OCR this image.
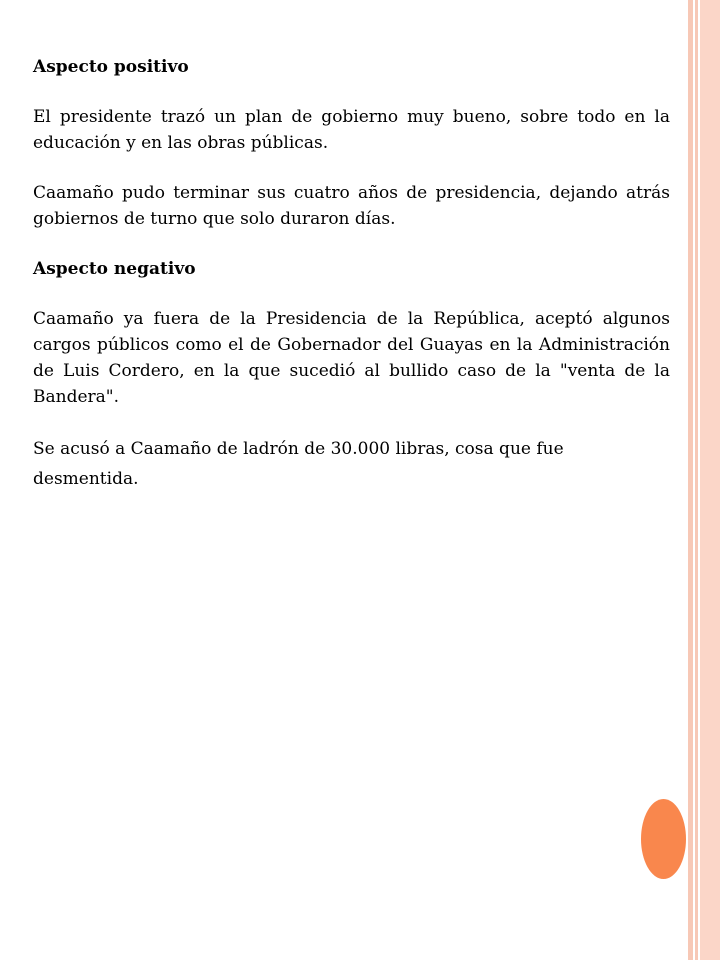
Aspecto positivo

El presidente trazó un plan de gobierno muy bueno, sobre todo en la educación y en las obras públicas.

Caamaño pudo terminar sus cuatro años de presidencia, dejando atrás gobiernos de turno que solo duraron días.

Aspecto negativo

Caamaño ya fuera de la Presidencia de la República, aceptó algunos cargos públicos como el de Gobernador del Guayas en la Administración de Luis Cordero, en la que sucedió al bullido caso de la "venta de la Bandera".

Se acusó a Caamaño de ladrón de 30.000 libras, cosa que fue desmentida.
